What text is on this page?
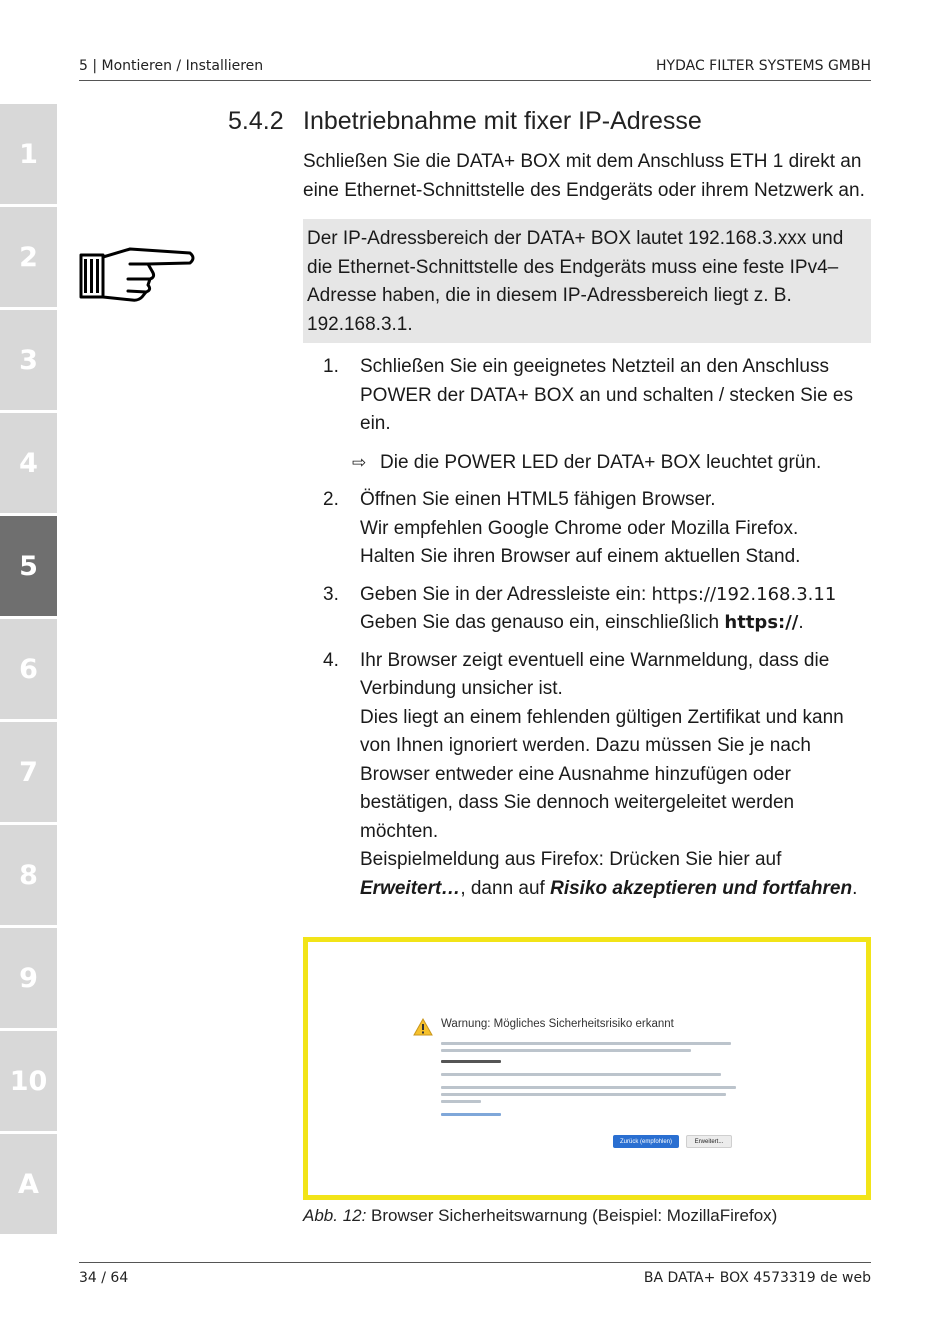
5 | Montieren / Installieren	HYDAC FILTER SYSTEMS GMBH
1
2
3
4
5
6
7
8
9
10
A
5.4.2 Inbetriebnahme mit fixer IP-Adresse

Schließen Sie die DATA+ BOX mit dem Anschluss ETH 1 direkt an eine Ethernet-Schnittstelle des Endgeräts oder ihrem Netzwerk an.

Der IP-Adressbereich der DATA+ BOX lautet 192.168.3.xxx und die Ethernet-Schnittstelle des Endgeräts muss eine feste IPv4–Adresse haben, die in diesem IP-Adressbereich liegt z. B. 192.168.3.1.

1. Schließen Sie ein geeignetes Netzteil an den Anschluss POWER der DATA+ BOX an und schalten / stecken Sie es ein.

⇨ Die die POWER LED der DATA+ BOX leuchtet grün.
2. Öffnen Sie einen HTML5 fähigen Browser.
Wir empfehlen Google Chrome oder Mozilla Firefox.
Halten Sie ihren Browser auf einem aktuellen Stand.

3. Geben Sie in der Adressleiste ein: https://192.168.3.11
Geben Sie das genauso ein, einschließlich https://.

4. Ihr Browser zeigt eventuell eine Warnmeldung, dass die Verbindung unsicher ist.

Dies liegt an einem fehlenden gültigen Zertifikat und kann von Ihnen ignoriert werden. Dazu müssen Sie je nach Browser entweder eine Ausnahme hinzufügen oder bestätigen, dass Sie dennoch weitergeleitet werden möchten.

Beispielmeldung aus Firefox: Drücken Sie hier auf Erweitert…, dann auf Risiko akzeptieren und fortfahren.

Warnung: Mögliches Sicherheitsrisiko erkannt
Zurück (empfohlen)	Erweitert...
Abb. 12: Browser Sicherheitswarnung (Beispiel: MozillaFirefox)
34 / 64	BA DATA+ BOX 4573319 de web
